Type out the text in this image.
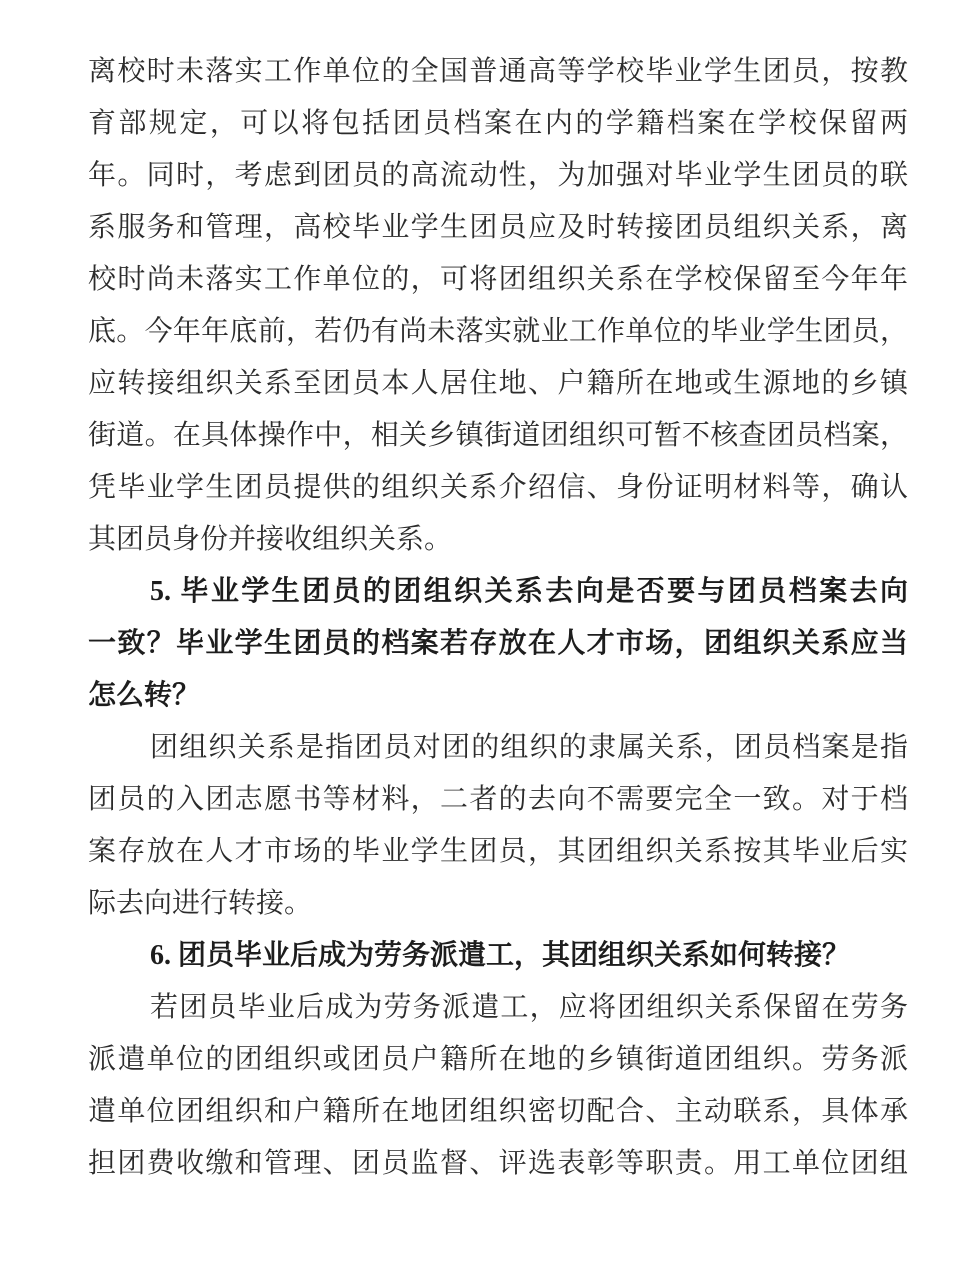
离校时未落实工作单位的全国普通高等学校毕业学生团员，按教
育部规定，可以将包括团员档案在内的学籍档案在学校保留两
年。同时，考虑到团员的高流动性，为加强对毕业学生团员的联
系服务和管理，高校毕业学生团员应及时转接团员组织关系，离
校时尚未落实工作单位的，可将团组织关系在学校保留至今年年
底。今年年底前，若仍有尚未落实就业工作单位的毕业学生团员，
应转接组织关系至团员本人居住地、户籍所在地或生源地的乡镇
街道。在具体操作中，相关乡镇街道团组织可暂不核查团员档案，
凭毕业学生团员提供的组织关系介绍信、身份证明材料等，确认
其团员身份并接收组织关系。
5. 毕业学生团员的团组织关系去向是否要与团员档案去向
一致？毕业学生团员的档案若存放在人才市场，团组织关系应当
怎么转？
团组织关系是指团员对团的组织的隶属关系，团员档案是指
团员的入团志愿书等材料，二者的去向不需要完全一致。对于档
案存放在人才市场的毕业学生团员，其团组织关系按其毕业后实
际去向进行转接。
6. 团员毕业后成为劳务派遣工，其团组织关系如何转接？
若团员毕业后成为劳务派遣工，应将团组织关系保留在劳务
派遣单位的团组织或团员户籍所在地的乡镇街道团组织。劳务派
遣单位团组织和户籍所在地团组织密切配合、主动联系，具体承
担团费收缴和管理、团员监督、评选表彰等职责。用工单位团组
